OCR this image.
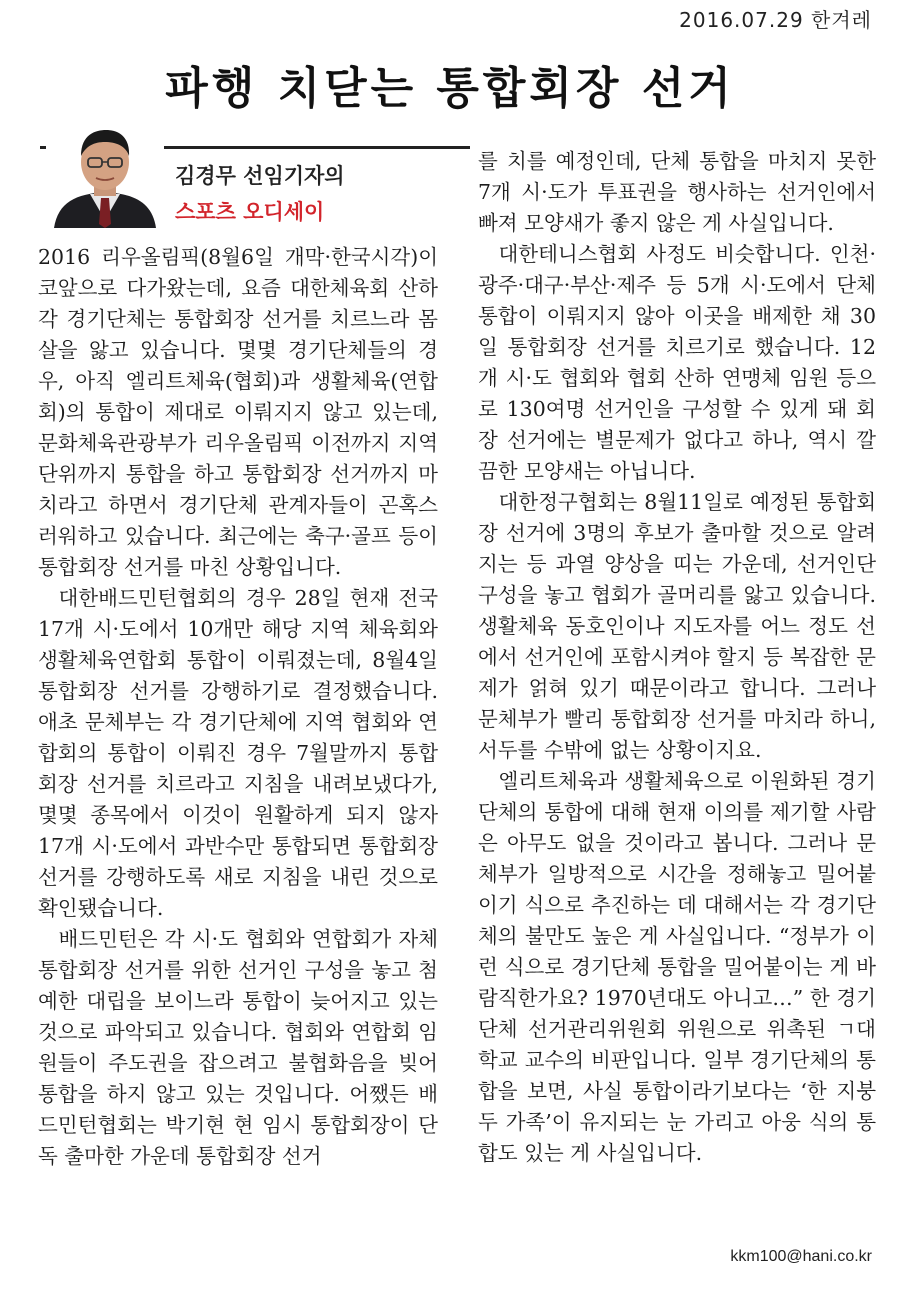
2016.07.29 한겨레
파행 치닫는 통합회장 선거
김경무 선임기자의
스포츠 오디세이

2016 리우올림픽(8월6일 개막·한국시각)이 코앞으로 다가왔는데, 요즘 대한체육회 산하 각 경기단체는 통합회장 선거를 치르느라 몸살을 앓고 있습니다. 몇몇 경기단체들의 경우, 아직 엘리트체육(협회)과 생활체육(연합회)의 통합이 제대로 이뤄지지 않고 있는데, 문화체육관광부가 리우올림픽 이전까지 지역 단위까지 통합을 하고 통합회장 선거까지 마치라고 하면서 경기단체 관계자들이 곤혹스러워하고 있습니다. 최근에는 축구·골프 등이 통합회장 선거를 마친 상황입니다.

대한배드민턴협회의 경우 28일 현재 전국 17개 시·도에서 10개만 해당 지역 체육회와 생활체육연합회 통합이 이뤄졌는데, 8월4일 통합회장 선거를 강행하기로 결정했습니다. 애초 문체부는 각 경기단체에 지역 협회와 연합회의 통합이 이뤄진 경우 7월말까지 통합회장 선거를 치르라고 지침을 내려보냈다가, 몇몇 종목에서 이것이 원활하게 되지 않자 17개 시·도에서 과반수만 통합되면 통합회장 선거를 강행하도록 새로 지침을 내린 것으로 확인됐습니다.

배드민턴은 각 시·도 협회와 연합회가 자체 통합회장 선거를 위한 선거인 구성을 놓고 첨예한 대립을 보이느라 통합이 늦어지고 있는 것으로 파악되고 있습니다. 협회와 연합회 임원들이 주도권을 잡으려고 불협화음을 빚어 통합을 하지 않고 있는 것입니다. 어쨌든 배드민턴협회는 박기현 현 임시 통합회장이 단독 출마한 가운데 통합회장 선거

를 치를 예정인데, 단체 통합을 마치지 못한 7개 시·도가 투표권을 행사하는 선거인에서 빠져 모양새가 좋지 않은 게 사실입니다.

대한테니스협회 사정도 비슷합니다. 인천·광주·대구·부산·제주 등 5개 시·도에서 단체 통합이 이뤄지지 않아 이곳을 배제한 채 30일 통합회장 선거를 치르기로 했습니다. 12개 시·도 협회와 협회 산하 연맹체 임원 등으로 130여명 선거인을 구성할 수 있게 돼 회장 선거에는 별문제가 없다고 하나, 역시 깔끔한 모양새는 아닙니다.

대한정구협회는 8월11일로 예정된 통합회장 선거에 3명의 후보가 출마할 것으로 알려지는 등 과열 양상을 띠는 가운데, 선거인단 구성을 놓고 협회가 골머리를 앓고 있습니다. 생활체육 동호인이나 지도자를 어느 정도 선에서 선거인에 포함시켜야 할지 등 복잡한 문제가 얽혀 있기 때문이라고 합니다. 그러나 문체부가 빨리 통합회장 선거를 마치라 하니, 서두를 수밖에 없는 상황이지요.

엘리트체육과 생활체육으로 이원화된 경기단체의 통합에 대해 현재 이의를 제기할 사람은 아무도 없을 것이라고 봅니다. 그러나 문체부가 일방적으로 시간을 정해놓고 밀어붙이기 식으로 추진하는 데 대해서는 각 경기단체의 불만도 높은 게 사실입니다. “정부가 이런 식으로 경기단체 통합을 밀어붙이는 게 바람직한가요? 1970년대도 아니고…” 한 경기단체 선거관리위원회 위원으로 위촉된 ㄱ대학교 교수의 비판입니다. 일부 경기단체의 통합을 보면, 사실 통합이라기보다는 ‘한 지붕 두 가족’이 유지되는 눈 가리고 아웅 식의 통합도 있는 게 사실입니다.

kkm100@hani.co.kr
